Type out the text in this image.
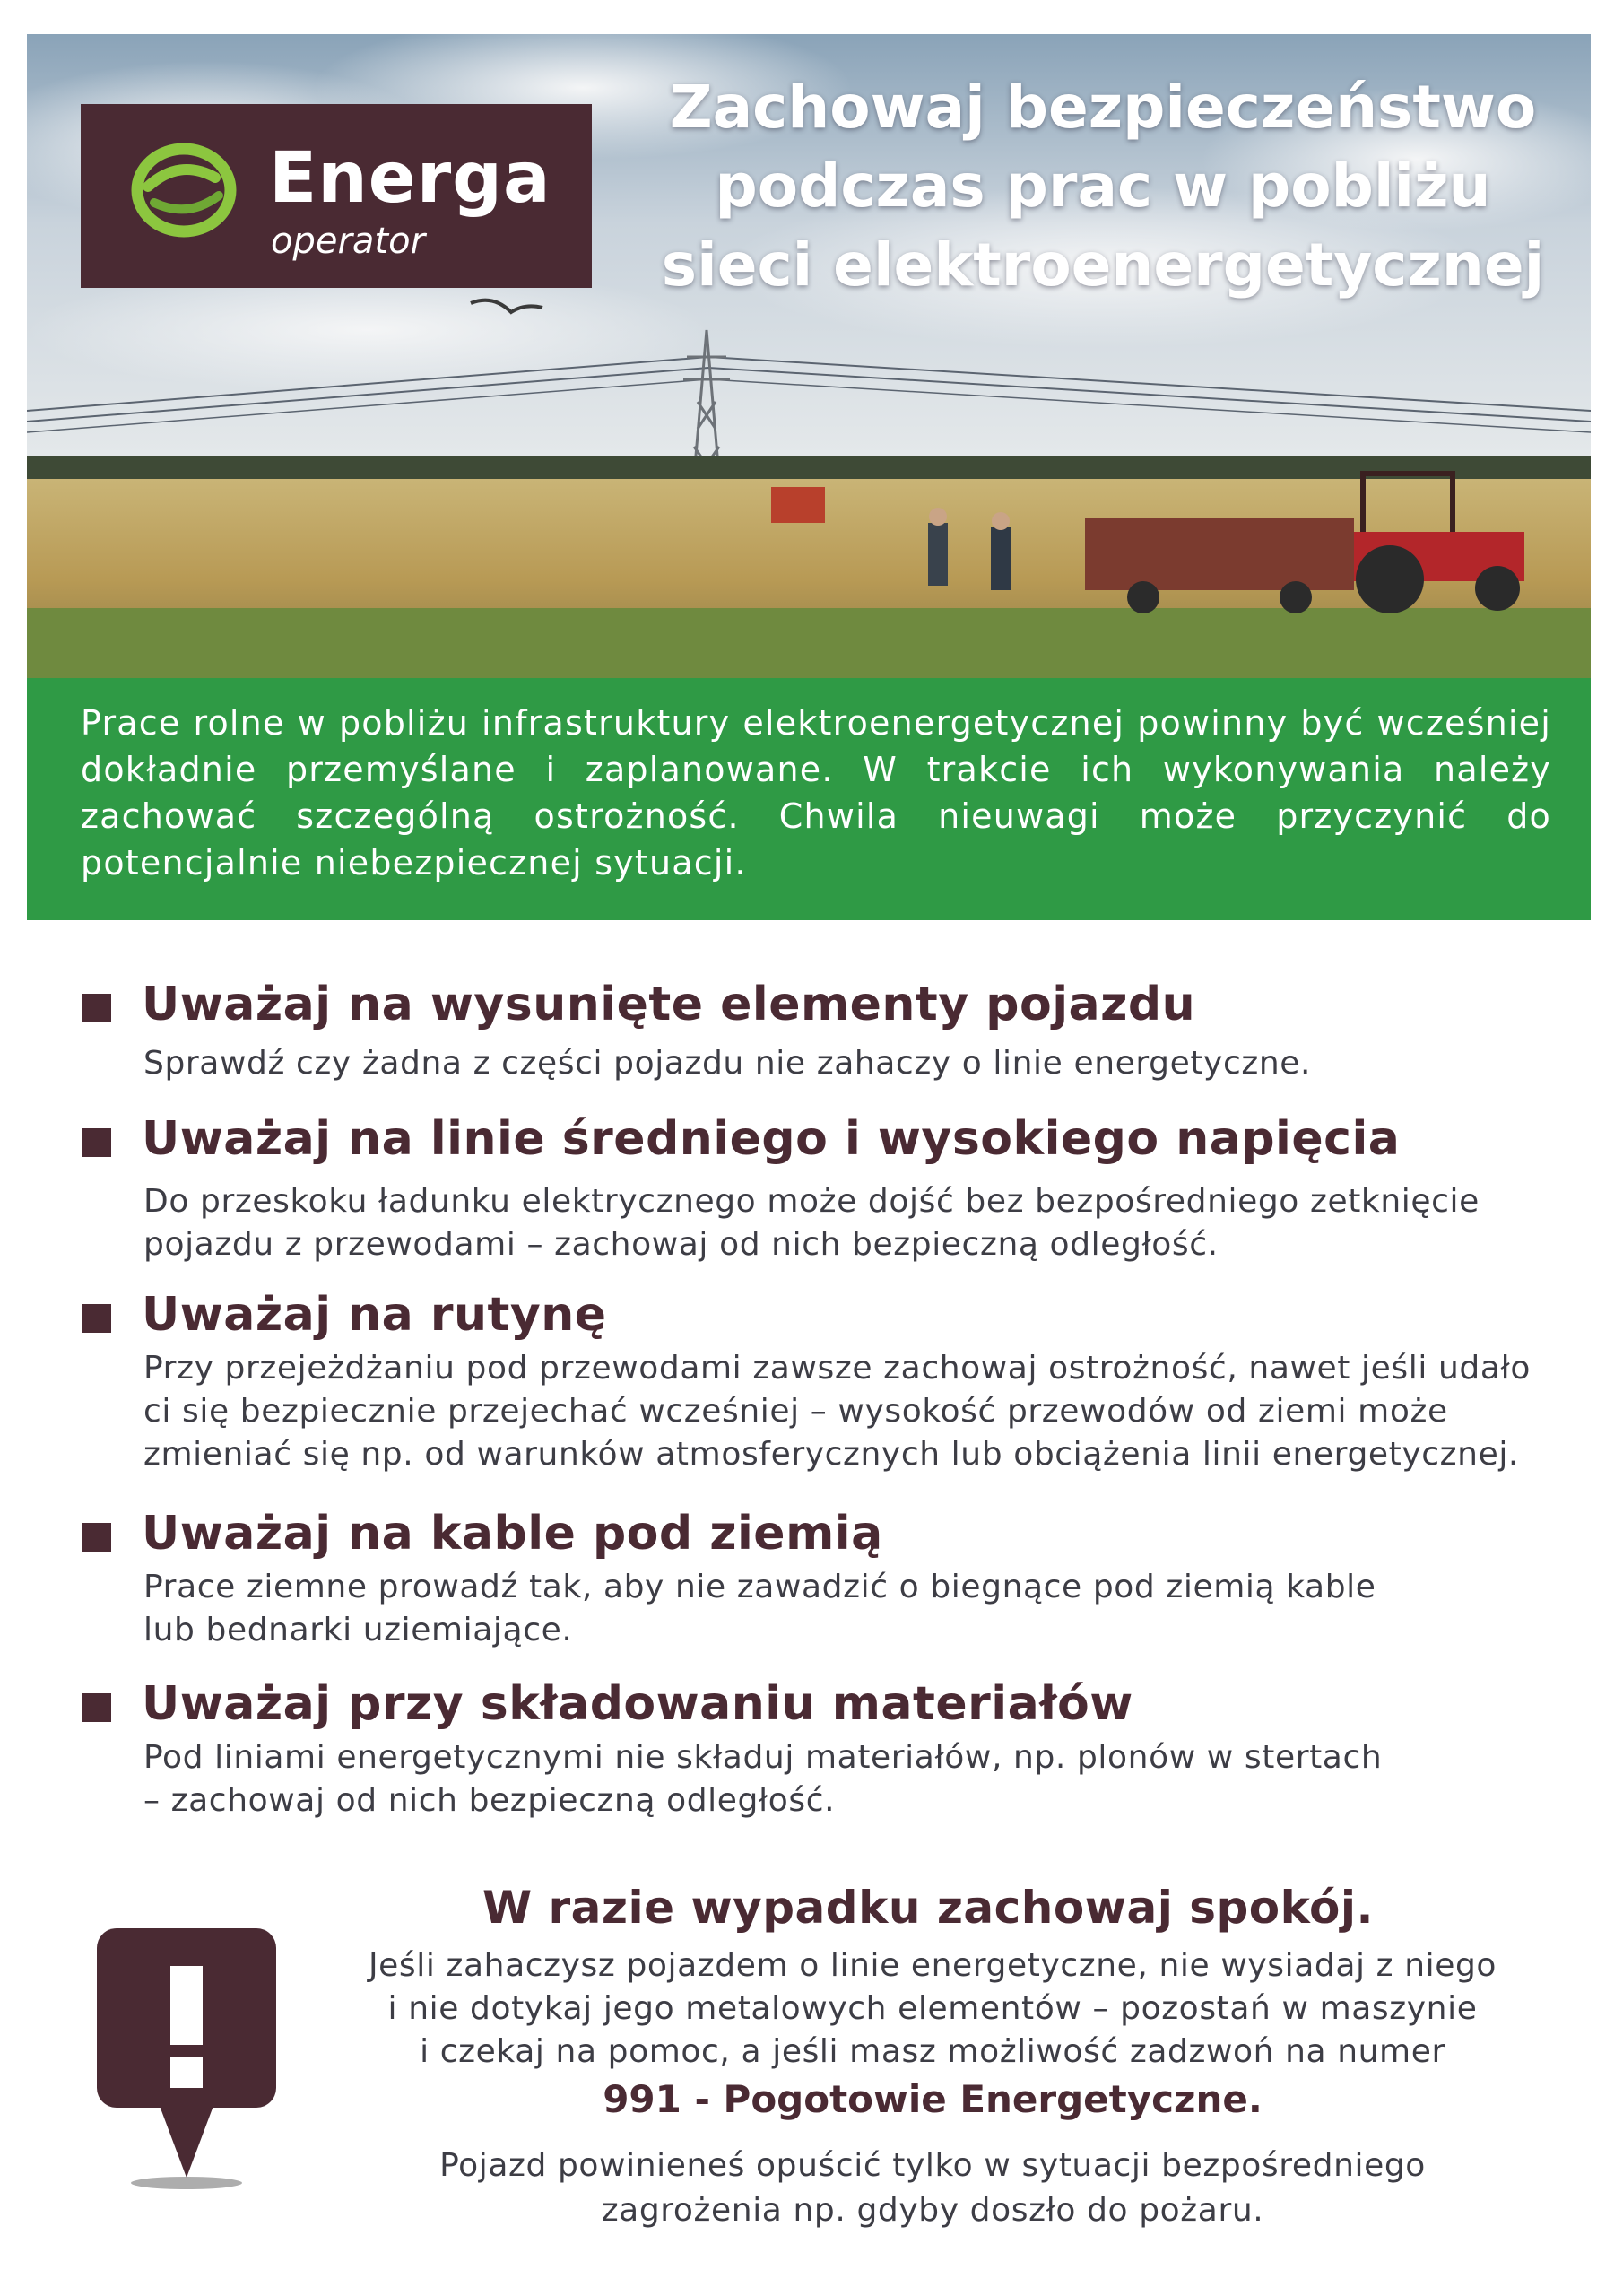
Energa
operator
Zachowaj bezpieczeństwo
podczas prac w pobliżu
sieci elektroenergetycznej

Prace rolne w pobliżu infrastruktury elektroenergetycznej powinny być wcześniej dokładnie przemyślane i zaplanowane. W trakcie ich wykonywania należy zachować szczególną ostrożność. Chwila nieuwagi może przyczynić do potencjalnie niebezpiecznej sytuacji.

Uważaj na wysunięte elementy pojazdu

Sprawdź czy żadna z części pojazdu nie zahaczy o linie energetyczne.

Uważaj na linie średniego i wysokiego napięcia

Do przeskoku ładunku elektrycznego może dojść bez bezpośredniego zetknięcie
pojazdu z przewodami – zachowaj od nich bezpieczną odległość.

Uważaj na rutynę

Przy przejeżdżaniu pod przewodami zawsze zachowaj ostrożność, nawet jeśli udało
ci się bezpiecznie przejechać wcześniej – wysokość przewodów od ziemi może
zmieniać się np. od warunków atmosferycznych lub obciążenia linii energetycznej.

Uważaj na kable pod ziemią

Prace ziemne prowadź tak, aby nie zawadzić o biegnące pod ziemią kable
lub bednarki uziemiające.

Uważaj przy składowaniu materiałów

Pod liniami energetycznymi nie składuj materiałów, np. plonów w stertach
– zachowaj od nich bezpieczną odległość.

W razie wypadku zachowaj spokój.

Jeśli zahaczysz pojazdem o linie energetyczne, nie wysiadaj z niego
i nie dotykaj jego metalowych elementów – pozostań w maszynie
i czekaj na pomoc, a jeśli masz możliwość zadzwoń na numer

991 - Pogotowie Energetyczne.

Pojazd powinieneś opuścić tylko w sytuacji bezpośredniego
zagrożenia np. gdyby doszło do pożaru.
